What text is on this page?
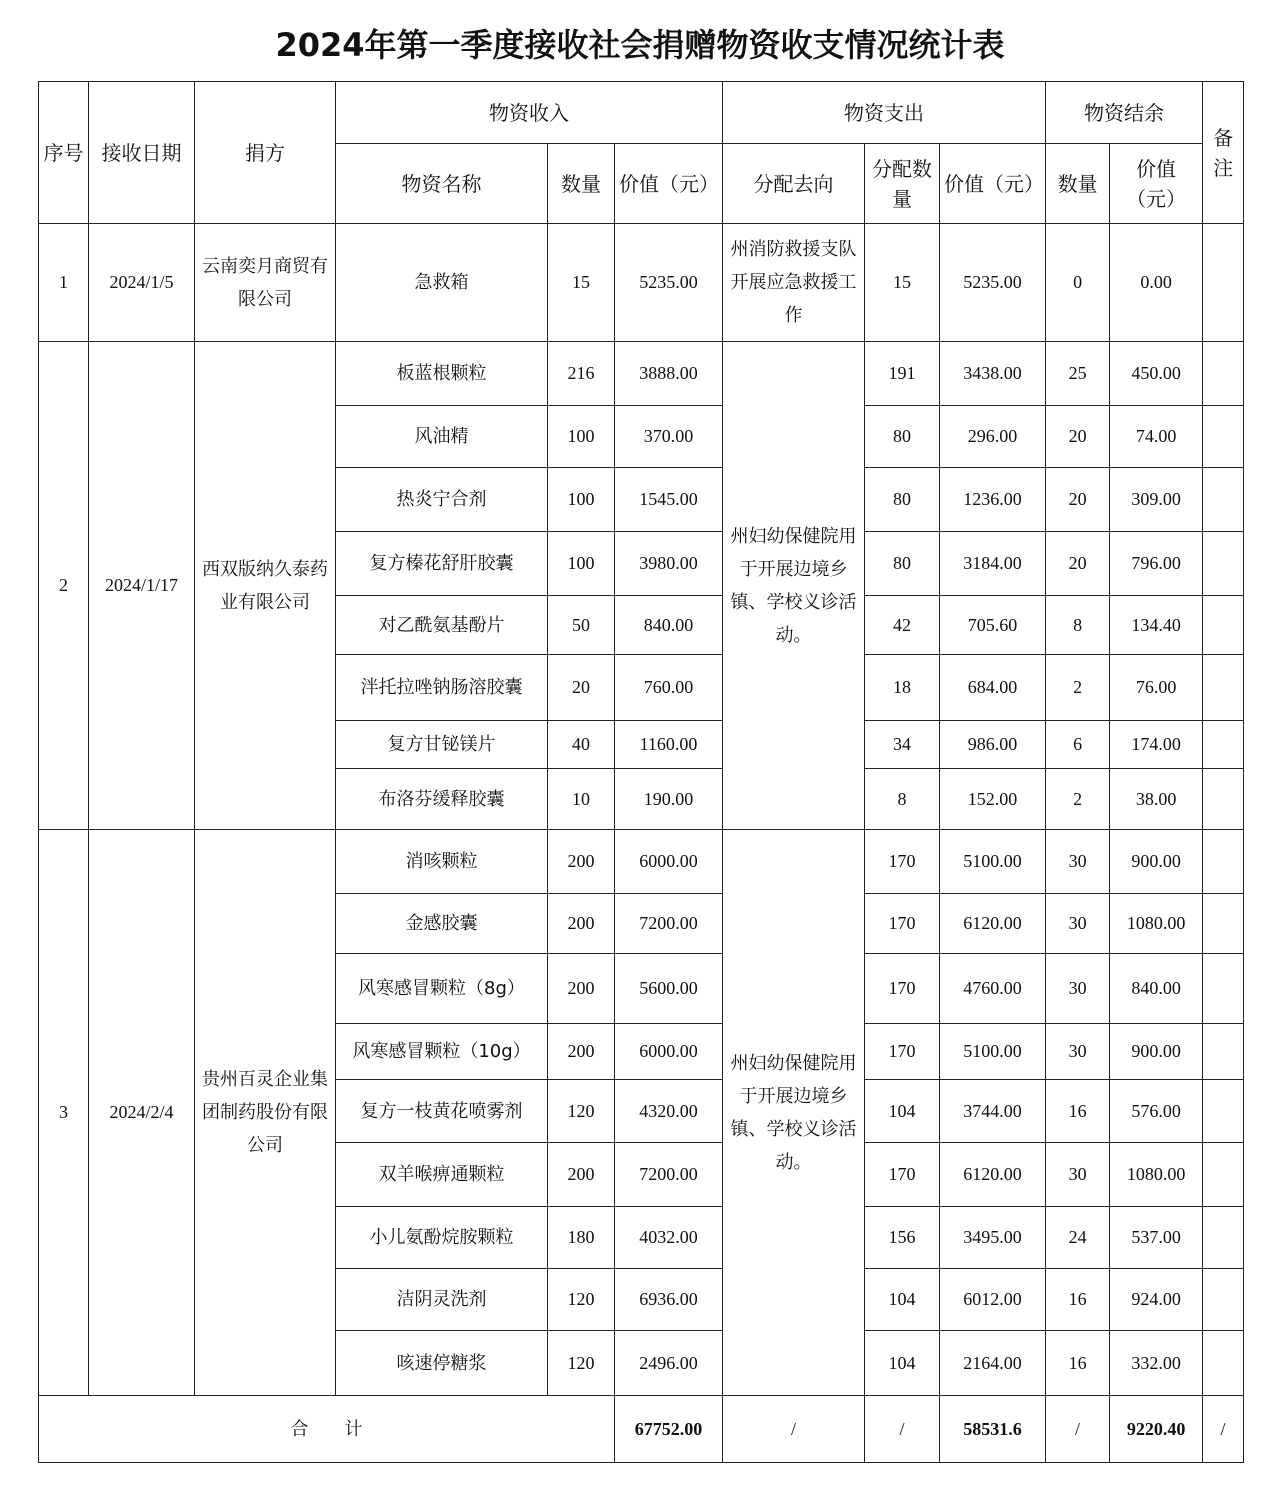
2024年第一季度接收社会捐赠物资收支情况统计表
序号	接收日期	捐方	物资收入			物资支出			物资结余		备注
			物资名称	数量	价值（元）	分配去向	分配数量	价值（元）	数量	价值（元）	
1	2024/1/5	云南奕月商贸有限公司	急救箱	15	5235.00	州消防救援支队开展应急救援工作	15	5235.00	0	0.00	
2	2024/1/17	西双版纳久泰药业有限公司	板蓝根颗粒	216	3888.00	州妇幼保健院用于开展边境乡镇、学校义诊活动。	191	3438.00	25	450.00	
			风油精	100	370.00		80	296.00	20	74.00	
			热炎宁合剂	100	1545.00		80	1236.00	20	309.00	
			复方榛花舒肝胶囊	100	3980.00		80	3184.00	20	796.00	
			对乙酰氨基酚片	50	840.00		42	705.60	8	134.40	
			泮托拉唑钠肠溶胶囊	20	760.00		18	684.00	2	76.00	
			复方甘铋镁片	40	1160.00		34	986.00	6	174.00	
			布洛芬缓释胶囊	10	190.00		8	152.00	2	38.00	
3	2024/2/4	贵州百灵企业集团制药股份有限公司	消咳颗粒	200	6000.00	州妇幼保健院用于开展边境乡镇、学校义诊活动。	170	5100.00	30	900.00	
			金感胶囊	200	7200.00		170	6120.00	30	1080.00	
			风寒感冒颗粒（8g）	200	5600.00		170	4760.00	30	840.00	
			风寒感冒颗粒（10g）	200	6000.00		170	5100.00	30	900.00	
			复方一枝黄花喷雾剂	120	4320.00		104	3744.00	16	576.00	
			双羊喉痹通颗粒	200	7200.00		170	6120.00	30	1080.00	
			小儿氨酚烷胺颗粒	180	4032.00		156	3495.00	24	537.00	
			洁阴灵洗剂	120	6936.00		104	6012.00	16	924.00	
			咳速停糖浆	120	2496.00		104	2164.00	16	332.00	
合　　计					67752.00	/	/	58531.6	/	9220.40	/
